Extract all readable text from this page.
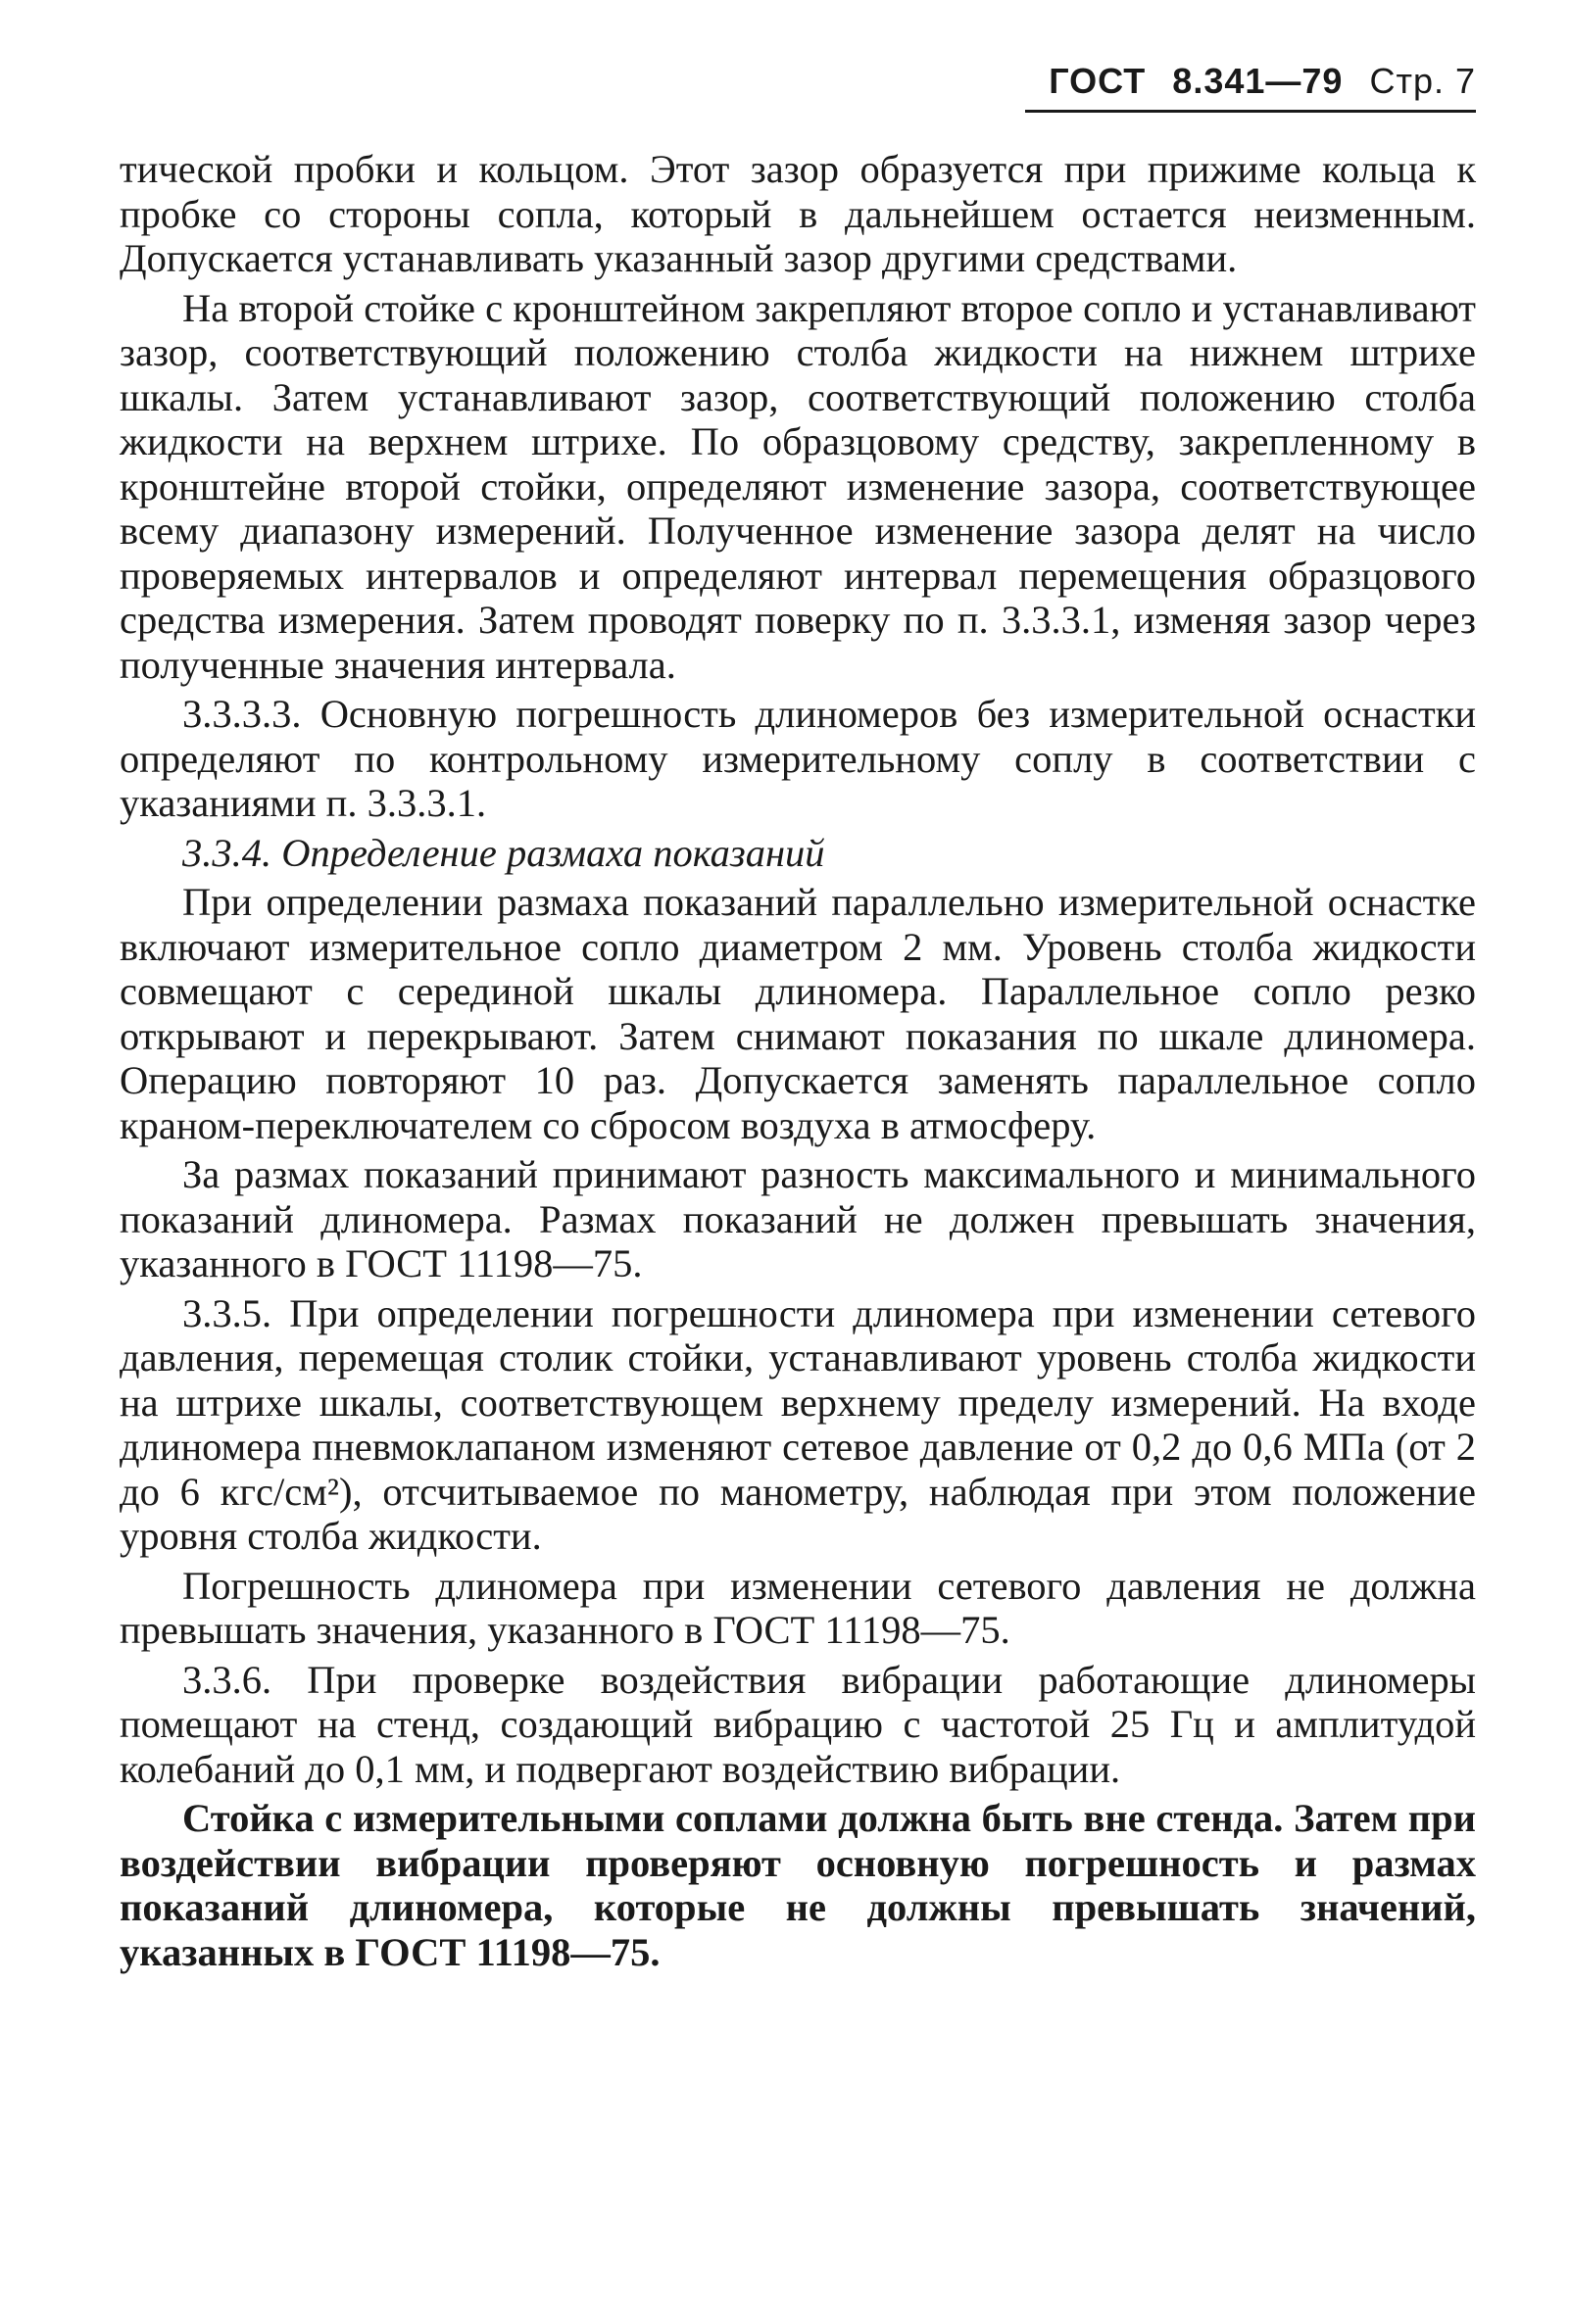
ГОСТ 8.341—79 Стр. 7

тической пробки и кольцом. Этот зазор образуется при прижиме кольца к пробке со стороны сопла, который в дальнейшем остается неизменным. Допускается устанавливать указанный зазор другими средствами.

На второй стойке с кронштейном закрепляют второе сопло и устанавливают зазор, соответствующий положению столба жидкости на нижнем штрихе шкалы. Затем устанавливают зазор, соответствующий положению столба жидкости на верхнем штрихе. По образцовому средству, закрепленному в кронштейне второй стойки, определяют изменение зазора, соответствующее всему диапазону измерений. Полученное изменение зазора делят на число проверяемых интервалов и определяют интервал перемещения образцового средства измерения. Затем проводят поверку по п. 3.3.3.1, изменяя зазор через полученные значения интервала.

3.3.3.3. Основную погрешность длиномеров без измерительной оснастки определяют по контрольному измерительному соплу в соответствии с указаниями п. 3.3.3.1.

3.3.4. Определение размаха показаний

При определении размаха показаний параллельно измерительной оснастке включают измерительное сопло диаметром 2 мм. Уровень столба жидкости совмещают с серединой шкалы длиномера. Параллельное сопло резко открывают и перекрывают. Затем снимают показания по шкале длиномера. Операцию повторяют 10 раз. Допускается заменять параллельное сопло краном-переключателем со сбросом воздуха в атмосферу.

За размах показаний принимают разность максимального и минимального показаний длиномера. Размах показаний не должен превышать значения, указанного в ГОСТ 11198—75.

3.3.5. При определении погрешности длиномера при изменении сетевого давления, перемещая столик стойки, устанавливают уровень столба жидкости на штрихе шкалы, соответствующем верхнему пределу измерений. На входе длиномера пневмоклапаном изменяют сетевое давление от 0,2 до 0,6 МПа (от 2 до 6 кгс/см²), отсчитываемое по манометру, наблюдая при этом положение уровня столба жидкости.

Погрешность длиномера при изменении сетевого давления не должна превышать значения, указанного в ГОСТ 11198—75.

3.3.6. При проверке воздействия вибрации работающие длиномеры помещают на стенд, создающий вибрацию с частотой 25 Гц и амплитудой колебаний до 0,1 мм, и подвергают воздействию вибрации.

Стойка с измерительными соплами должна быть вне стенда. Затем при воздействии вибрации проверяют основную погрешность и размах показаний длиномера, которые не должны превышать значений, указанных в ГОСТ 11198—75.
